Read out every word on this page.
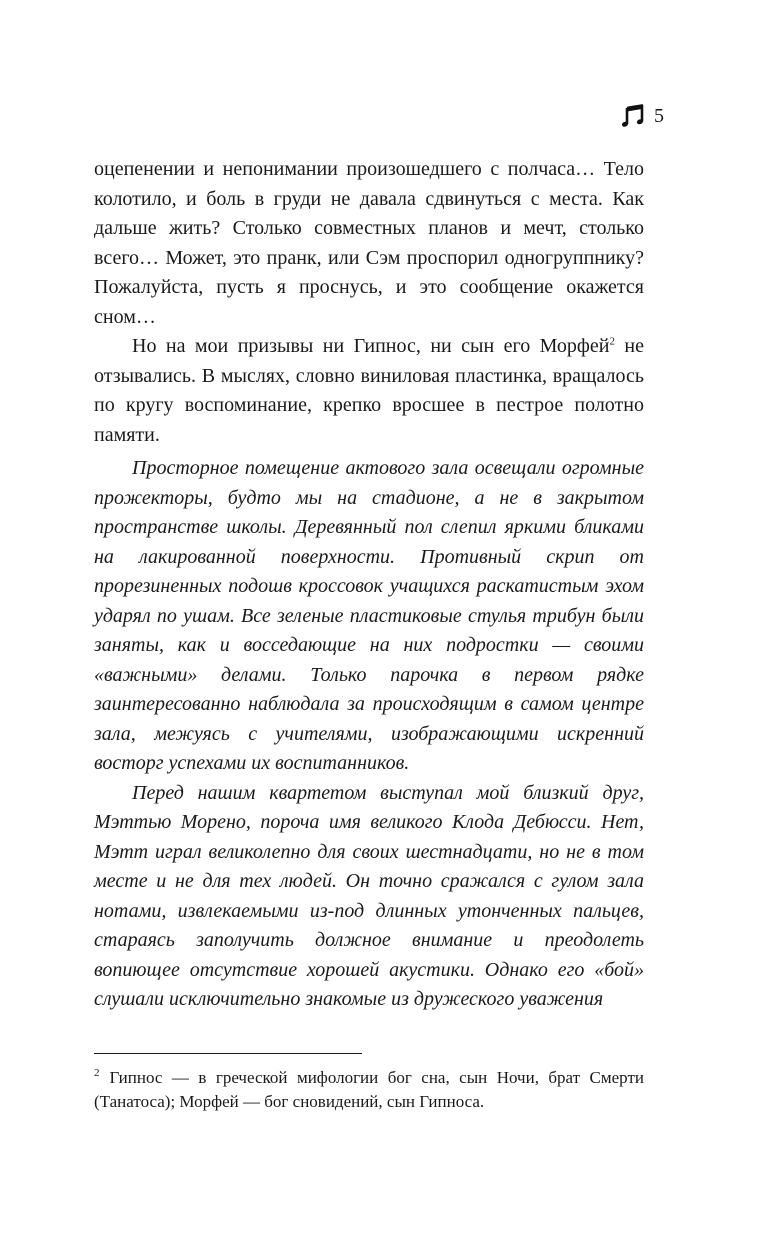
5

оцепенении и непонимании произошедшего с полчаса… Тело колотило, и боль в груди не давала сдвинуться с места. Как дальше жить? Столько совместных планов и мечт, столько всего… Может, это пранк, или Сэм проспорил одногруппнику? Пожалуйста, пусть я проснусь, и это сообщение окажется сном…

Но на мои призывы ни Гипнос, ни сын его Морфей$^2$ не отзывались. В мыслях, словно виниловая пластинка, вращалось по кругу воспоминание, крепко вросшее в пестрое полотно памяти.

Просторное помещение актового зала освещали огромные прожекторы, будто мы на стадионе, а не в закрытом пространстве школы. Деревянный пол слепил яркими бликами на лакированной поверхности. Противный скрип от прорезиненных подошв кроссовок учащихся раскатистым эхом ударял по ушам. Все зеленые пластиковые стулья трибун были заняты, как и восседающие на них подростки — своими «важными» делами. Только парочка в первом рядке заинтересованно наблюдала за происходящим в самом центре зала, межуясь с учителями, изображающими искренний восторг успехами их воспитанников.

Перед нашим квартетом выступал мой близкий друг, Мэттью Морено, пороча имя великого Клода Дебюсси. Нет, Мэтт играл великолепно для своих шестнадцати, но не в том месте и не для тех людей. Он точно сражался с гулом зала нотами, извлекаемыми из-под длинных утонченных пальцев, стараясь заполучить должное внимание и преодолеть вопиющее отсутствие хорошей акустики. Однако его «бой» слушали исключительно знакомые из дружеского уважения

$^2$ Гипнос — в греческой мифологии бог сна, сын Ночи, брат Смерти (Танатоса); Морфей — бог сновидений, сын Гипноса.
